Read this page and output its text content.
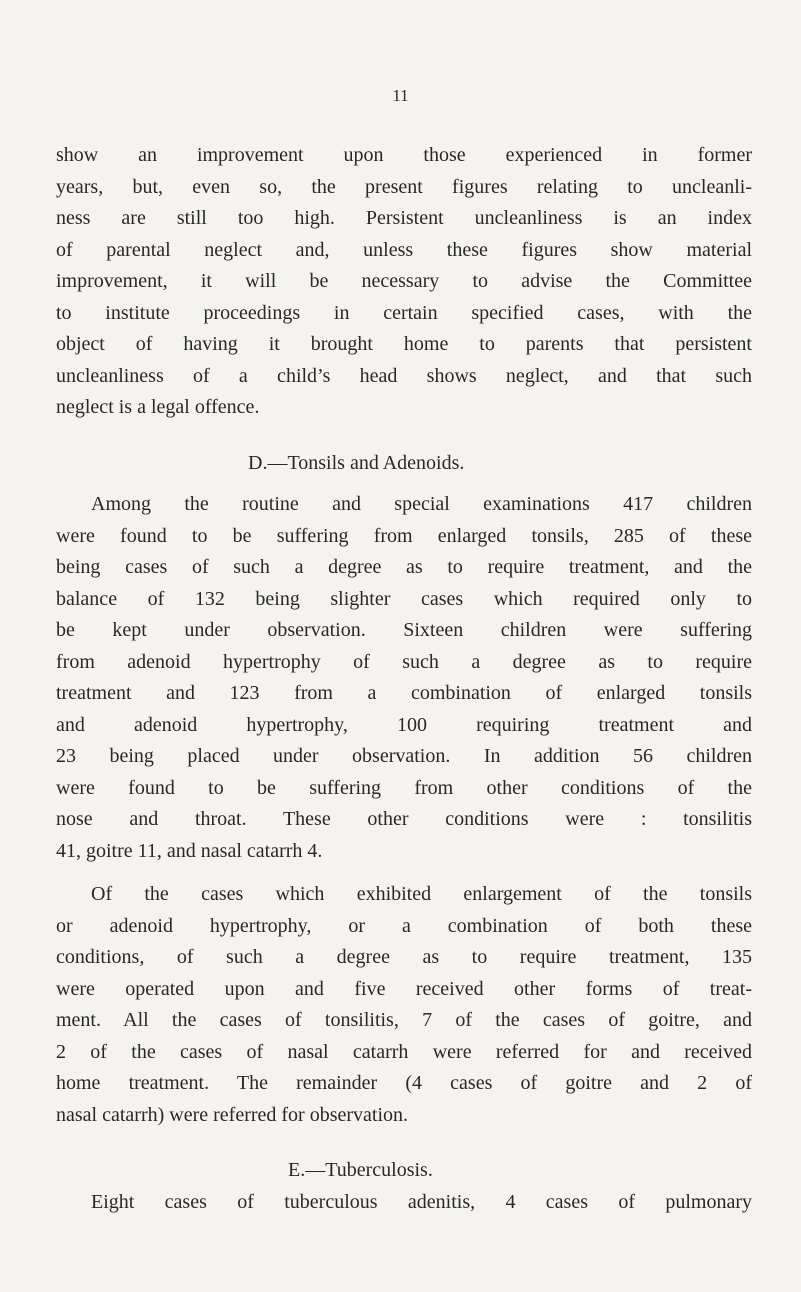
11
show an improvement upon those experienced in former
years, but, even so, the present figures relating to uncleanli-
ness are still too high. Persistent uncleanliness is an index
of parental neglect and, unless these figures show material
improvement, it will be necessary to advise the Committee
to institute proceedings in certain specified cases, with the
object of having it brought home to parents that persistent
uncleanliness of a child’s head shows neglect, and that such
neglect is a legal offence.
D.—Tonsils and Adenoids.
Among the routine and special examinations 417 children
were found to be suffering from enlarged tonsils, 285 of these
being cases of such a degree as to require treatment, and the
balance of 132 being slighter cases which required only to
be kept under observation. Sixteen children were suffering
from adenoid hypertrophy of such a degree as to require
treatment and 123 from a combination of enlarged tonsils
and adenoid hypertrophy, 100 requiring treatment and
23 being placed under observation. In addition 56 children
were found to be suffering from other conditions of the
nose and throat. These other conditions were : tonsilitis
41, goitre 11, and nasal catarrh 4.
Of the cases which exhibited enlargement of the tonsils
or adenoid hypertrophy, or a combination of both these
conditions, of such a degree as to require treatment, 135
were operated upon and five received other forms of treat-
ment. All the cases of tonsilitis, 7 of the cases of goitre, and
2 of the cases of nasal catarrh were referred for and received
home treatment. The remainder (4 cases of goitre and 2 of
nasal catarrh) were referred for observation.
E.—Tuberculosis.
Eight cases of tuberculous adenitis, 4 cases of pulmonary
